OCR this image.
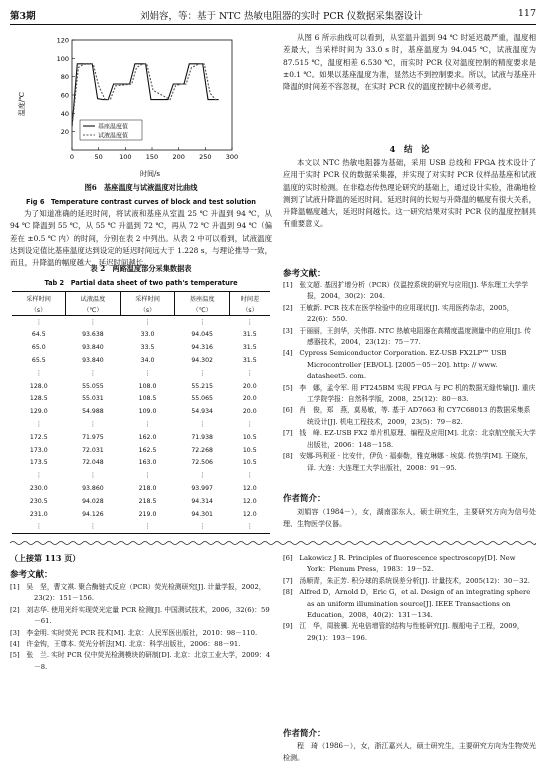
第3期	刘娟容，等：基于 NTC 热敏电阻器的实时 PCR 仪数据采集器设计	117
温度/℃
时间/s
20
40
60
80
100
120
0	50	100 150 200 250 300
基座温度值
试液温度值
图6　基座温度与试液温度对比曲线
Fig 6　Temperature contrast curves of block and test solution
为了知道准确的延迟时间，将试液和基座从室温 25 ℃ 升温到 94 ℃，从 94 ℃ 降温到 55 ℃，从 55 ℃ 升温到 72 ℃，再从 72 ℃ 升温到 94 ℃（偏差在 ±0.5 ℃ 内）的时间，分别在表 2 中列出。从表 2 中可以看到，试液温度达到设定值比基座温度达到设定的延迟时间远大于 1.228 s，与理论推导一致，而且，升降温的幅度越大，延迟时间越长。
表 2　两路温度部分采集数据表
Tab 2　Partial data sheet of two path's temperature
采样时间	试液温度	采样时间	基座温度	时间差
（s）	（℃）	（s）	（℃）	（s）
⋮	⋮	⋮	⋮	⋮
64.5	93.638	33.0	94.045	31.5
65.0	93.840	33.5	94.316	31.5
65.5	93.840	34.0	94.302	31.5
⋮	⋮	⋮	⋮	⋮
128.0	55.055	108.0	55.215	20.0
128.5	55.031	108.5	55.065	20.0
129.0	54.988	109.0	54.934	20.0
⋮	⋮	⋮	⋮	⋮
172.5	71.975	162.0	71.938	10.5
173.0	72.031	162.5	72.268	10.5
173.5	72.048	163.0	72.506	10.5
⋮	⋮	⋮	⋮	⋮
230.0	93.860	218.0	93.997	12.0
230.5	94.028	218.5	94.314	12.0
231.0	94.126	219.0	94.301	12.0
⋮	⋮	⋮	⋮	⋮
从图 6 所示曲线可以看到，从室温升温到 94 ℃ 时延迟最严重，温度相差最大，当采样时间为 33.0 s 时，基座温度为 94.045 ℃，试液温度为 87.515 ℃，温度相差 6.530 ℃，而实时 PCR 仪对温度控制的精度要求是 ±0.1 ℃。如果以基座温度为准，显然达不到控制要求。所以，试液与基座升降温的时间差不容忽视，在实时 PCR 仪的温度控制中必须考虑。
4　结　论
本文以 NTC 热敏电阻器为基础，采用 USB 总线和 FPGA 技术设计了应用于实时 PCR 仪的数据采集器，并实现了对实时 PCR 仪样品基座和试液温度的实时检测。在非稳态传热理论研究的基础上，通过设计实验，准确地检测到了试液升降温的延迟时间。延迟时间的长短与升降温的幅度有很大关系，升降温幅度越大，延迟时间越长。这一研究结果对实时 PCR 仪的温度控制具有重要意义。
参考文献：
[1]　张文超. 基因扩增分析（PCR）仪温控系统的研究与应用[J]. 华东理工大学学报，2004，30(2)：204.
[2]　王敏新. PCR 技术在医学检验中的应用现状[J]. 实用医药杂志，2005，22(6)：550.
[3]　于丽丽，王剑华，关伟群. NTC 热敏电阻器在高精度温度测量中的应用[J]. 传感器技术，2004，23(12)：75－77.
[4]　Cypress Semiconductor Corporation. EZ-USB FX2LP™ USB Microcontroller [EB/OL]. [2005－05－20]. http: // www. datasheet5. com.
[5]　李　娜，孟令军. 用 FT245BM 实现 FPGA 与 PC 机的数据无缝传输[J]. 重庆工学院学报：自然科学版，2008，25(12)：80－83.
[6]　肖　俊，郑　燕，莫易敏，等. 基于 AD7663 和 CY7C68013 的数据采集系统设计[J]. 机电工程技术，2009，23(5)：79－82.
[7]　钱　峰. EZ-USB FX2 单片机原理、编程及应用[M]. 北京：北京航空航天大学出版社，2006：148－158.
[8]　安娜-玛利亚 · 比安什，伊负 · 福泰勒，雅克琳娜 · 埃莫. 传热学[M]. 王晓东，译. 大连：大连理工大学出版社，2008：91－95.
作者简介：
刘娟容（1984－），女，湖南邵东人，硕士研究生，主要研究方向为信号处理、生物医学仪器。
（上接第 113 页）
参考文献：
[1]　吴　坚，曹文祺. 聚合酶链式反应（PCR）荧光检测研究[J]. 计量学报，2002，23(2)：151－156.
[2]　刘志华. 使用光纤实现荧光定量 PCR 检测[J]. 中国测试技术，2006，32(6)：59－61.
[3]　李金明. 实时荧光 PCR 技术[M]. 北京：人民军医出版社，2010：98－110.
[4]　许金钩，王尊本. 荧光分析法[M]. 北京：科学出版社，2006：88－91.
[5]　张　兰. 实时 PCR 仪中荧光检测模块的研制[D]. 北京：北京工业大学，2009：4－8.
[6]　Lakowicz J R. Principles of fluorescence spectroscopy[D]. New York：Plenum Press，1983：19－52.
[7]　汤顺青，朱正芳. 积分球的系统误差分析[J]. 计量技术，2005(12)：30－32.
[8]　Alfred D，Arnold D，Eric G，et al. Design of an integrating sphere as an uniform illumination source[J]. IEEE Transactions on Education，2008，40(2)：131－134.
[9]　江　华，周骏骥. 光电倍增管的结构与性能研究[J]. 舰船电子工程，2009，29(1)：193－196.
作者简介：
程　琦（1986－），女，浙江嘉兴人，硕士研究生，主要研究方向为生物荧光检测。
